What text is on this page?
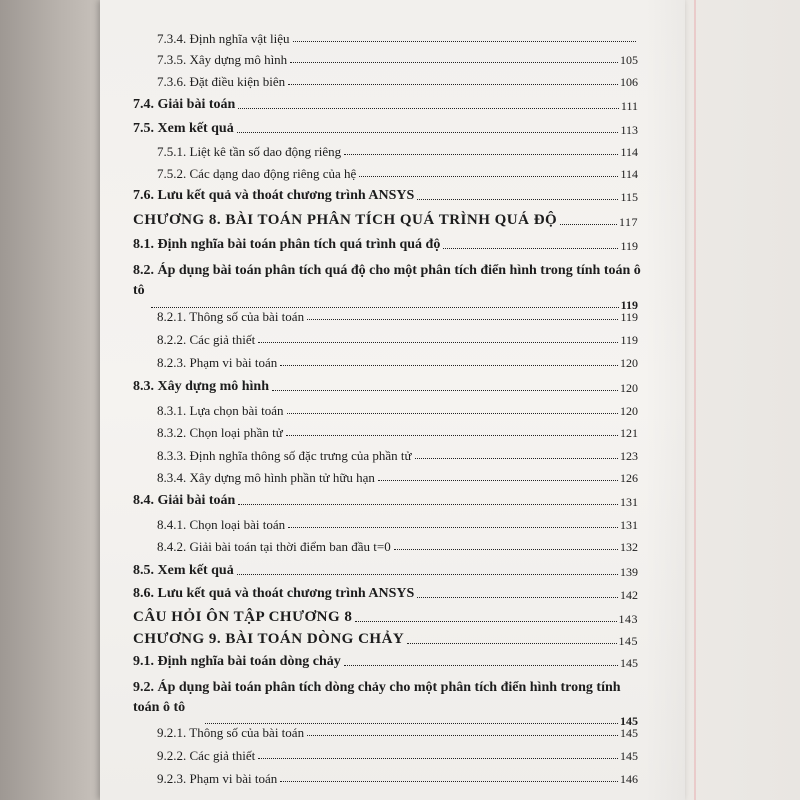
7.3.4. Định nghĩa vật liệu
7.3.5. Xây dựng mô hình	105
7.3.6. Đặt điều kiện biên	106
7.4. Giải bài toán	111
7.5. Xem kết quả	113
7.5.1. Liệt kê tần số dao động riêng	114
7.5.2. Các dạng dao động riêng của hệ	114
7.6. Lưu kết quả và thoát chương trình ANSYS	115
CHƯƠNG 8. BÀI TOÁN PHÂN TÍCH QUÁ TRÌNH QUÁ ĐỘ	117
8.1. Định nghĩa bài toán phân tích quá trình quá độ	119
8.2. Áp dụng bài toán phân tích quá độ cho một phân tích điển hình trong tính toán ô
tô
119
8.2.1. Thông số của bài toán	119
8.2.2. Các giả thiết	119
8.2.3. Phạm vi bài toán	120
8.3. Xây dựng mô hình	120
8.3.1. Lựa chọn bài toán	120
8.3.2. Chọn loại phần tử	121
8.3.3. Định nghĩa thông số đặc trưng của phần tử	123
8.3.4. Xây dựng mô hình phần tử hữu hạn	126
8.4. Giải bài toán	131
8.4.1. Chọn loại bài toán	131
8.4.2. Giải bài toán tại thời điểm ban đầu t=0	132
8.5. Xem kết quả	139
8.6. Lưu kết quả và thoát chương trình ANSYS	142
CÂU HỎI ÔN TẬP CHƯƠNG 8	143
CHƯƠNG 9. BÀI TOÁN DÒNG CHẢY	145
9.1. Định nghĩa bài toán dòng chảy	145
9.2. Áp dụng bài toán phân tích dòng chảy cho một phân tích điển hình trong tính
toán ô tô
145
9.2.1. Thông số của bài toán	145
9.2.2. Các giả thiết	145
9.2.3. Phạm vi bài toán	146
